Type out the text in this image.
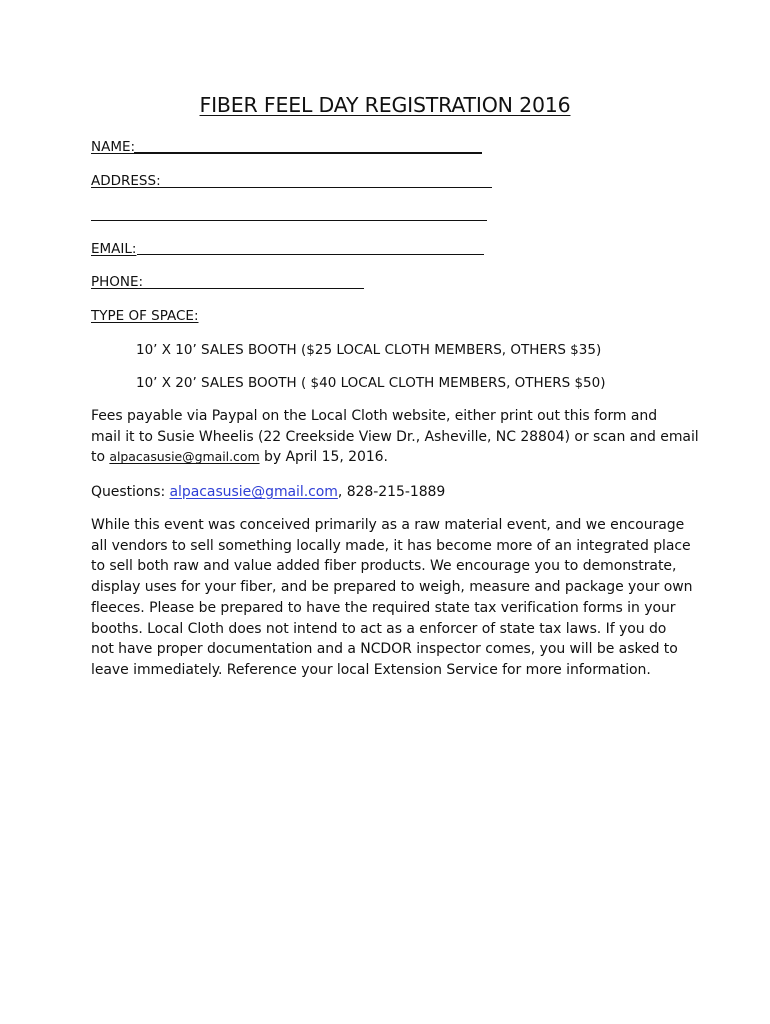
FIBER FEEL DAY REGISTRATION 2016
NAME:
ADDRESS:
EMAIL:
PHONE:
TYPE OF SPACE:
10’ X 10’ SALES BOOTH ($25 LOCAL CLOTH MEMBERS, OTHERS $35)
10’ X 20’ SALES BOOTH ( $40 LOCAL CLOTH MEMBERS, OTHERS $50)
Fees payable via Paypal on the Local Cloth website, either print out this form and
mail it to Susie Wheelis (22 Creekside View Dr., Asheville, NC 28804) or scan and email
to alpacasusie@gmail.com by April 15, 2016.
Questions: alpacasusie@gmail.com, 828-215-1889
While this event was conceived primarily as a raw material event, and we encourage
all vendors to sell something locally made, it has become more of an integrated place
to sell both raw and value added fiber products. We encourage you to demonstrate,
display uses for your fiber, and be prepared to weigh, measure and package your own
fleeces. Please be prepared to have the required state tax verification forms in your
booths. Local Cloth does not intend to act as a enforcer of state tax laws. If you do
not have proper documentation and a NCDOR inspector comes, you will be asked to
leave immediately. Reference your local Extension Service for more information.
